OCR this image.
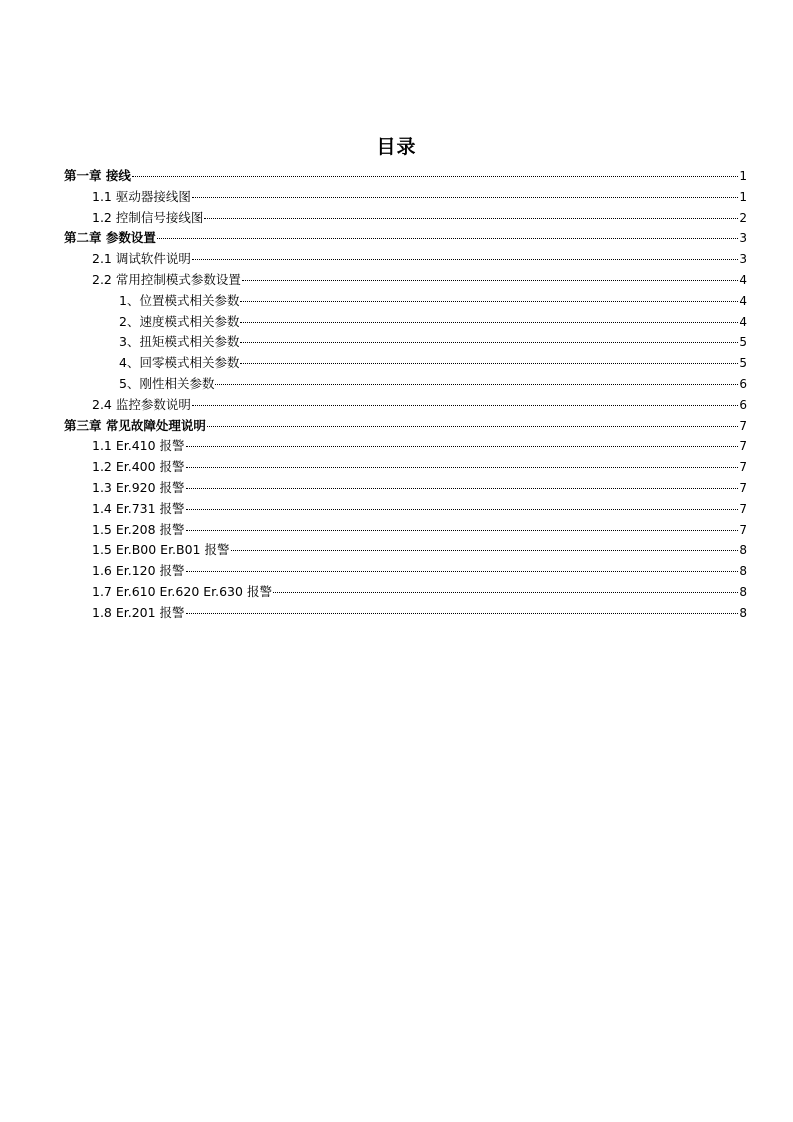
目录
第一章 接线	1
1.1 驱动器接线图	1
1.2 控制信号接线图	2
第二章 参数设置	3
2.1 调试软件说明	3
2.2 常用控制模式参数设置	4
1、位置模式相关参数	4
2、速度模式相关参数	4
3、扭矩模式相关参数	5
4、回零模式相关参数	5
5、刚性相关参数	6
2.4 监控参数说明	6
第三章 常见故障处理说明	7
1.1 Er.410 报警	7
1.2 Er.400 报警	7
1.3 Er.920 报警	7
1.4 Er.731 报警	7
1.5 Er.208 报警	7
1.5 Er.B00 Er.B01 报警	8
1.6 Er.120 报警	8
1.7 Er.610 Er.620 Er.630 报警	8
1.8 Er.201 报警	8
